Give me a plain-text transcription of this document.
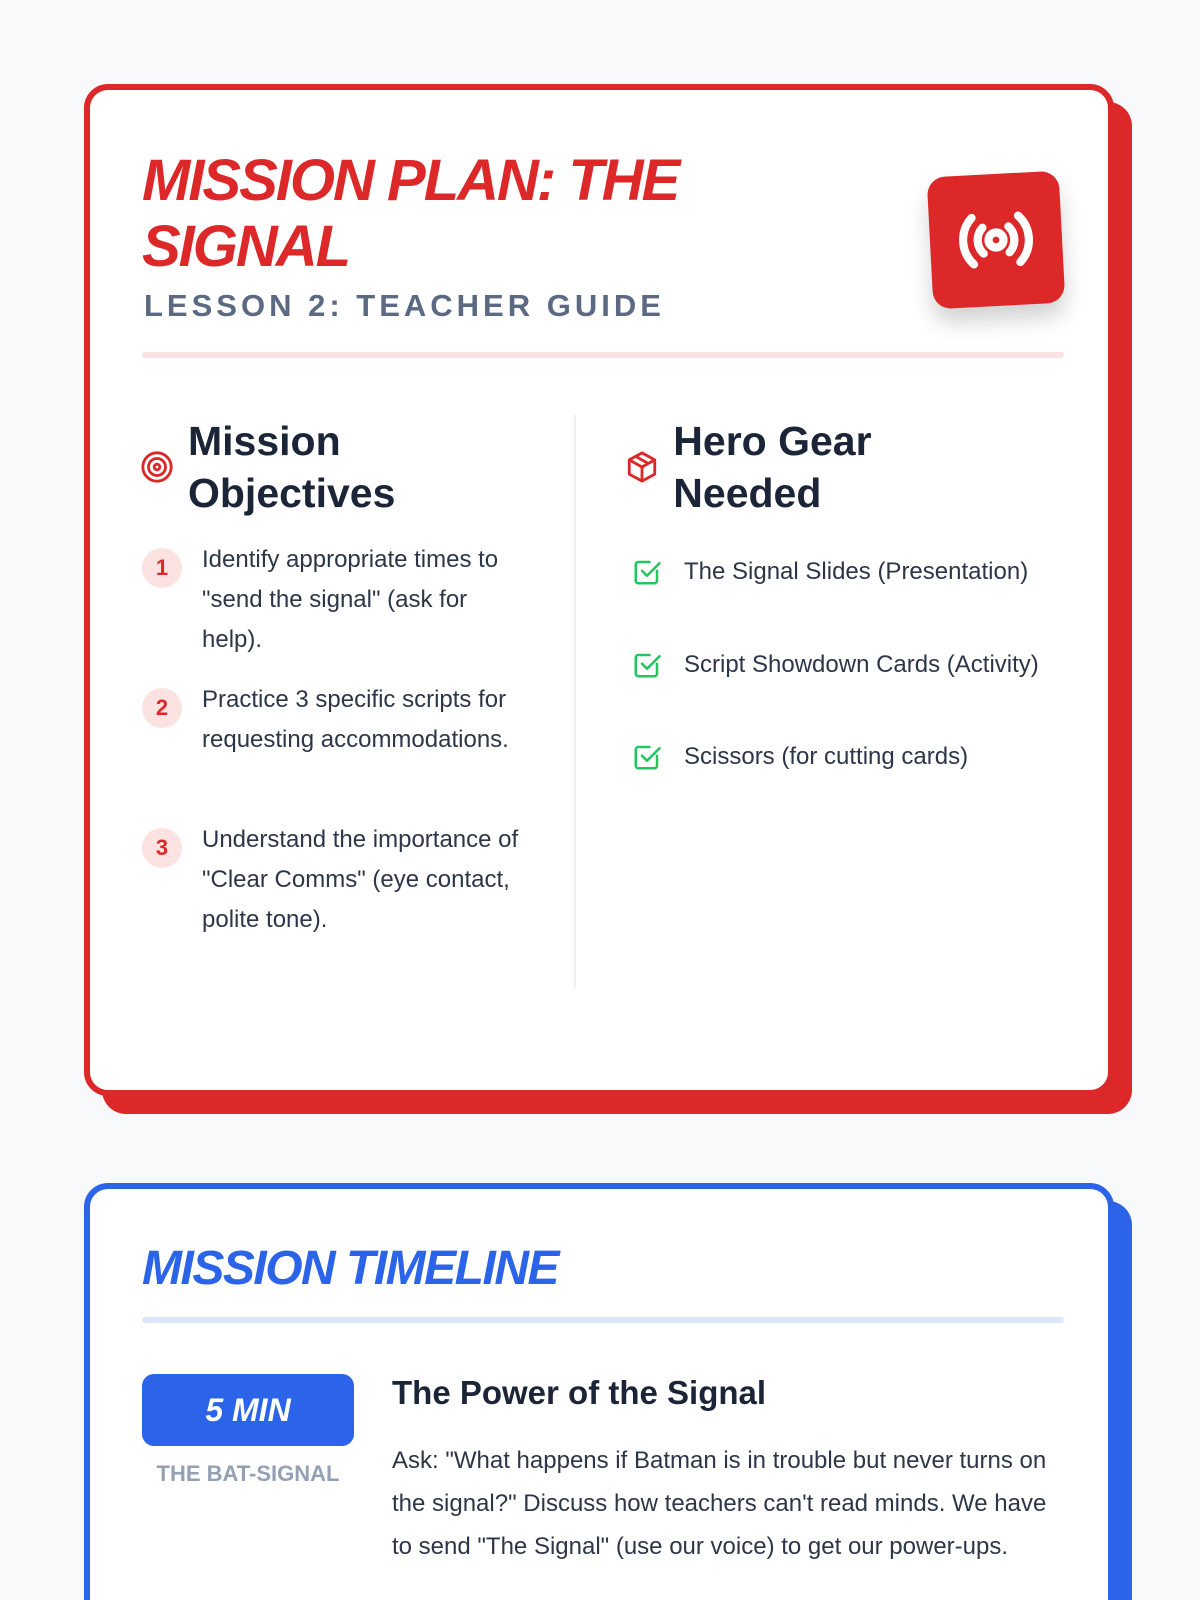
MISSION PLAN: THE SIGNAL
LESSON 2: TEACHER GUIDE
Mission Objectives
1	Identify appropriate times to "send the signal" (ask for help).
2	Practice 3 specific scripts for requesting accommodations.
3	Understand the importance of "Clear Comms" (eye contact, polite tone).
Hero Gear Needed
The Signal Slides (Presentation)
Script Showdown Cards (Activity)
Scissors (for cutting cards)
MISSION TIMELINE
5 MIN
THE BAT-SIGNAL
The Power of the Signal

Ask: "What happens if Batman is in trouble but never turns on the signal?" Discuss how teachers can't read minds. We have to send "The Signal" (use our voice) to get our power-ups.
